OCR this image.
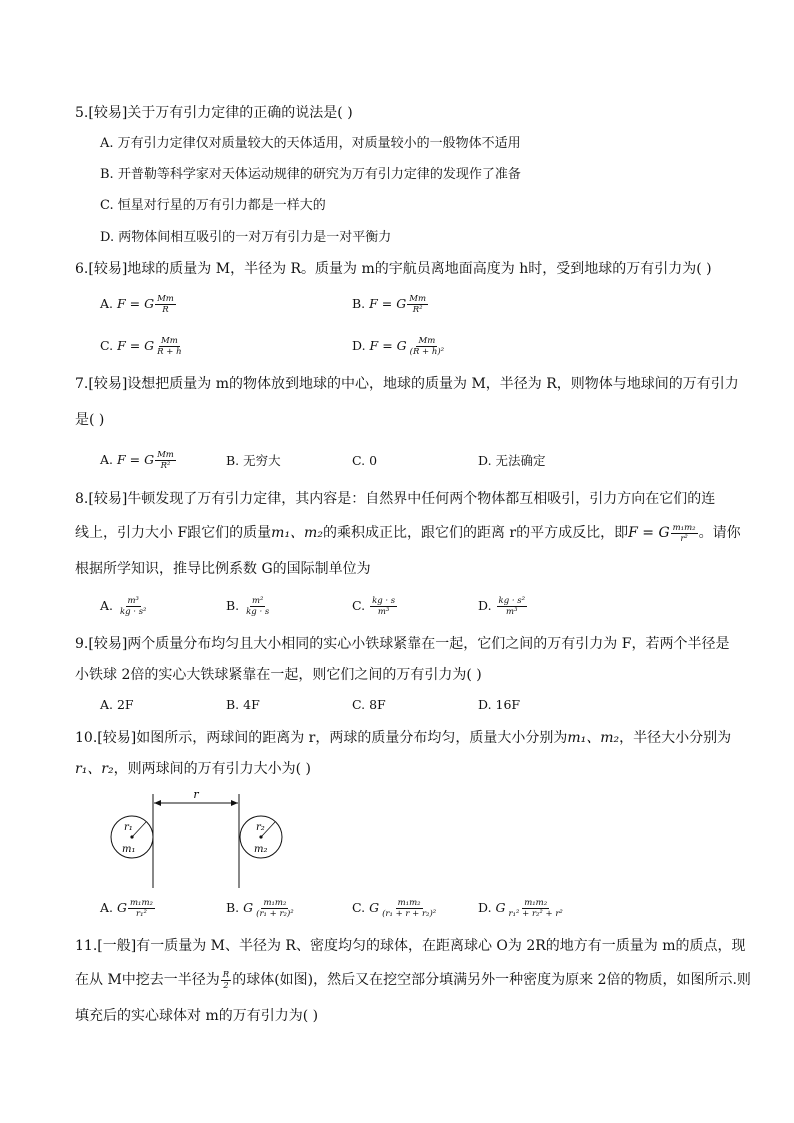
5.[较易]关于万有引力定律的正确的说法是( )
A. 万有引力定律仅对质量较大的天体适用，对质量较小的一般物体不适用
B. 开普勒等科学家对天体运动规律的研究为万有引力定律的发现作了准备
C. 恒星对行星的万有引力都是一样大的
D. 两物体间相互吸引的一对万有引力是一对平衡力
6.[较易]地球的质量为 M，半径为 R。质量为 m的宇航员离地面高度为 h时，受到地球的万有引力为( )
A. F = G $\frac{Mm}{R}$	B. F = G $\frac{Mm}{\text{R²}}$
C. F = G $\frac{Mm}{R + h}$	D. F = G $\frac{Mm}{\text{(R + h)²}}$
7.[较易]设想把质量为 m的物体放到地球的中心，地球的质量为 M，半径为 R，则物体与地球间的万有引力
是( )
A. F = G $\frac{Mm}{\text{R²}}$	B. 无穷大	C. 0	D. 无法确定
8.[较易]牛顿发现了万有引力定律，其内容是：自然界中任何两个物体都互相吸引，引力方向在它们的连
线上，引力大小 F跟它们的质量m₁、m₂的乘积成正比，跟它们的距离 r的平方成反比，即F = G $\frac{\text{m₁m₂}}{\text{r²}}$ 。请你
根据所学知识，推导比例系数 G的国际制单位为
A. $\frac{\text{m³}}{\text{kg · s²}}$	B. $\frac{\text{m²}}{kg \cdot s}$	C. $\frac{kg \cdot s}{\text{m³}}$	D. $\frac{\text{kg · s²}}{\text{m³}}$
9.[较易]两个质量分布均匀且大小相同的实心小铁球紧靠在一起，它们之间的万有引力为 F，若两个半径是
小铁球 2倍的实心大铁球紧靠在一起，则它们之间的万有引力为( )
A. 2F	B. 4F	C. 8F	D. 16F
10.[较易]如图所示，两球间的距离为 r，两球的质量分布均匀，质量大小分别为m₁、m₂，半径大小分别为
r₁、r₂，则两球间的万有引力大小为( )
r
r₁
m₁
r₂
m₂
A. G $\frac{\text{m₁m₂}}{\text{r₁²}}$	B. G $\frac{\text{m₁m₂}}{\text{(r₁ + r₂)²}}$	C. G $\frac{\text{m₁m₂}}{\text{(r₁ + r + r₂)²}}$	D. G $\frac{\text{m₁m₂}}{\text{r₁² + r₂² + r²}}$
11.[一般]有一质量为 M、半径为 R、密度均匀的球体，在距离球心 O为 2R的地方有一质量为 m的质点，现
在从 M中挖去一半径为 $\frac{R}{2}$ 的球体(如图)，然后又在挖空部分填满另外一种密度为原来 2倍的物质，如图所示.则
填充后的实心球体对 m的万有引力为( )
